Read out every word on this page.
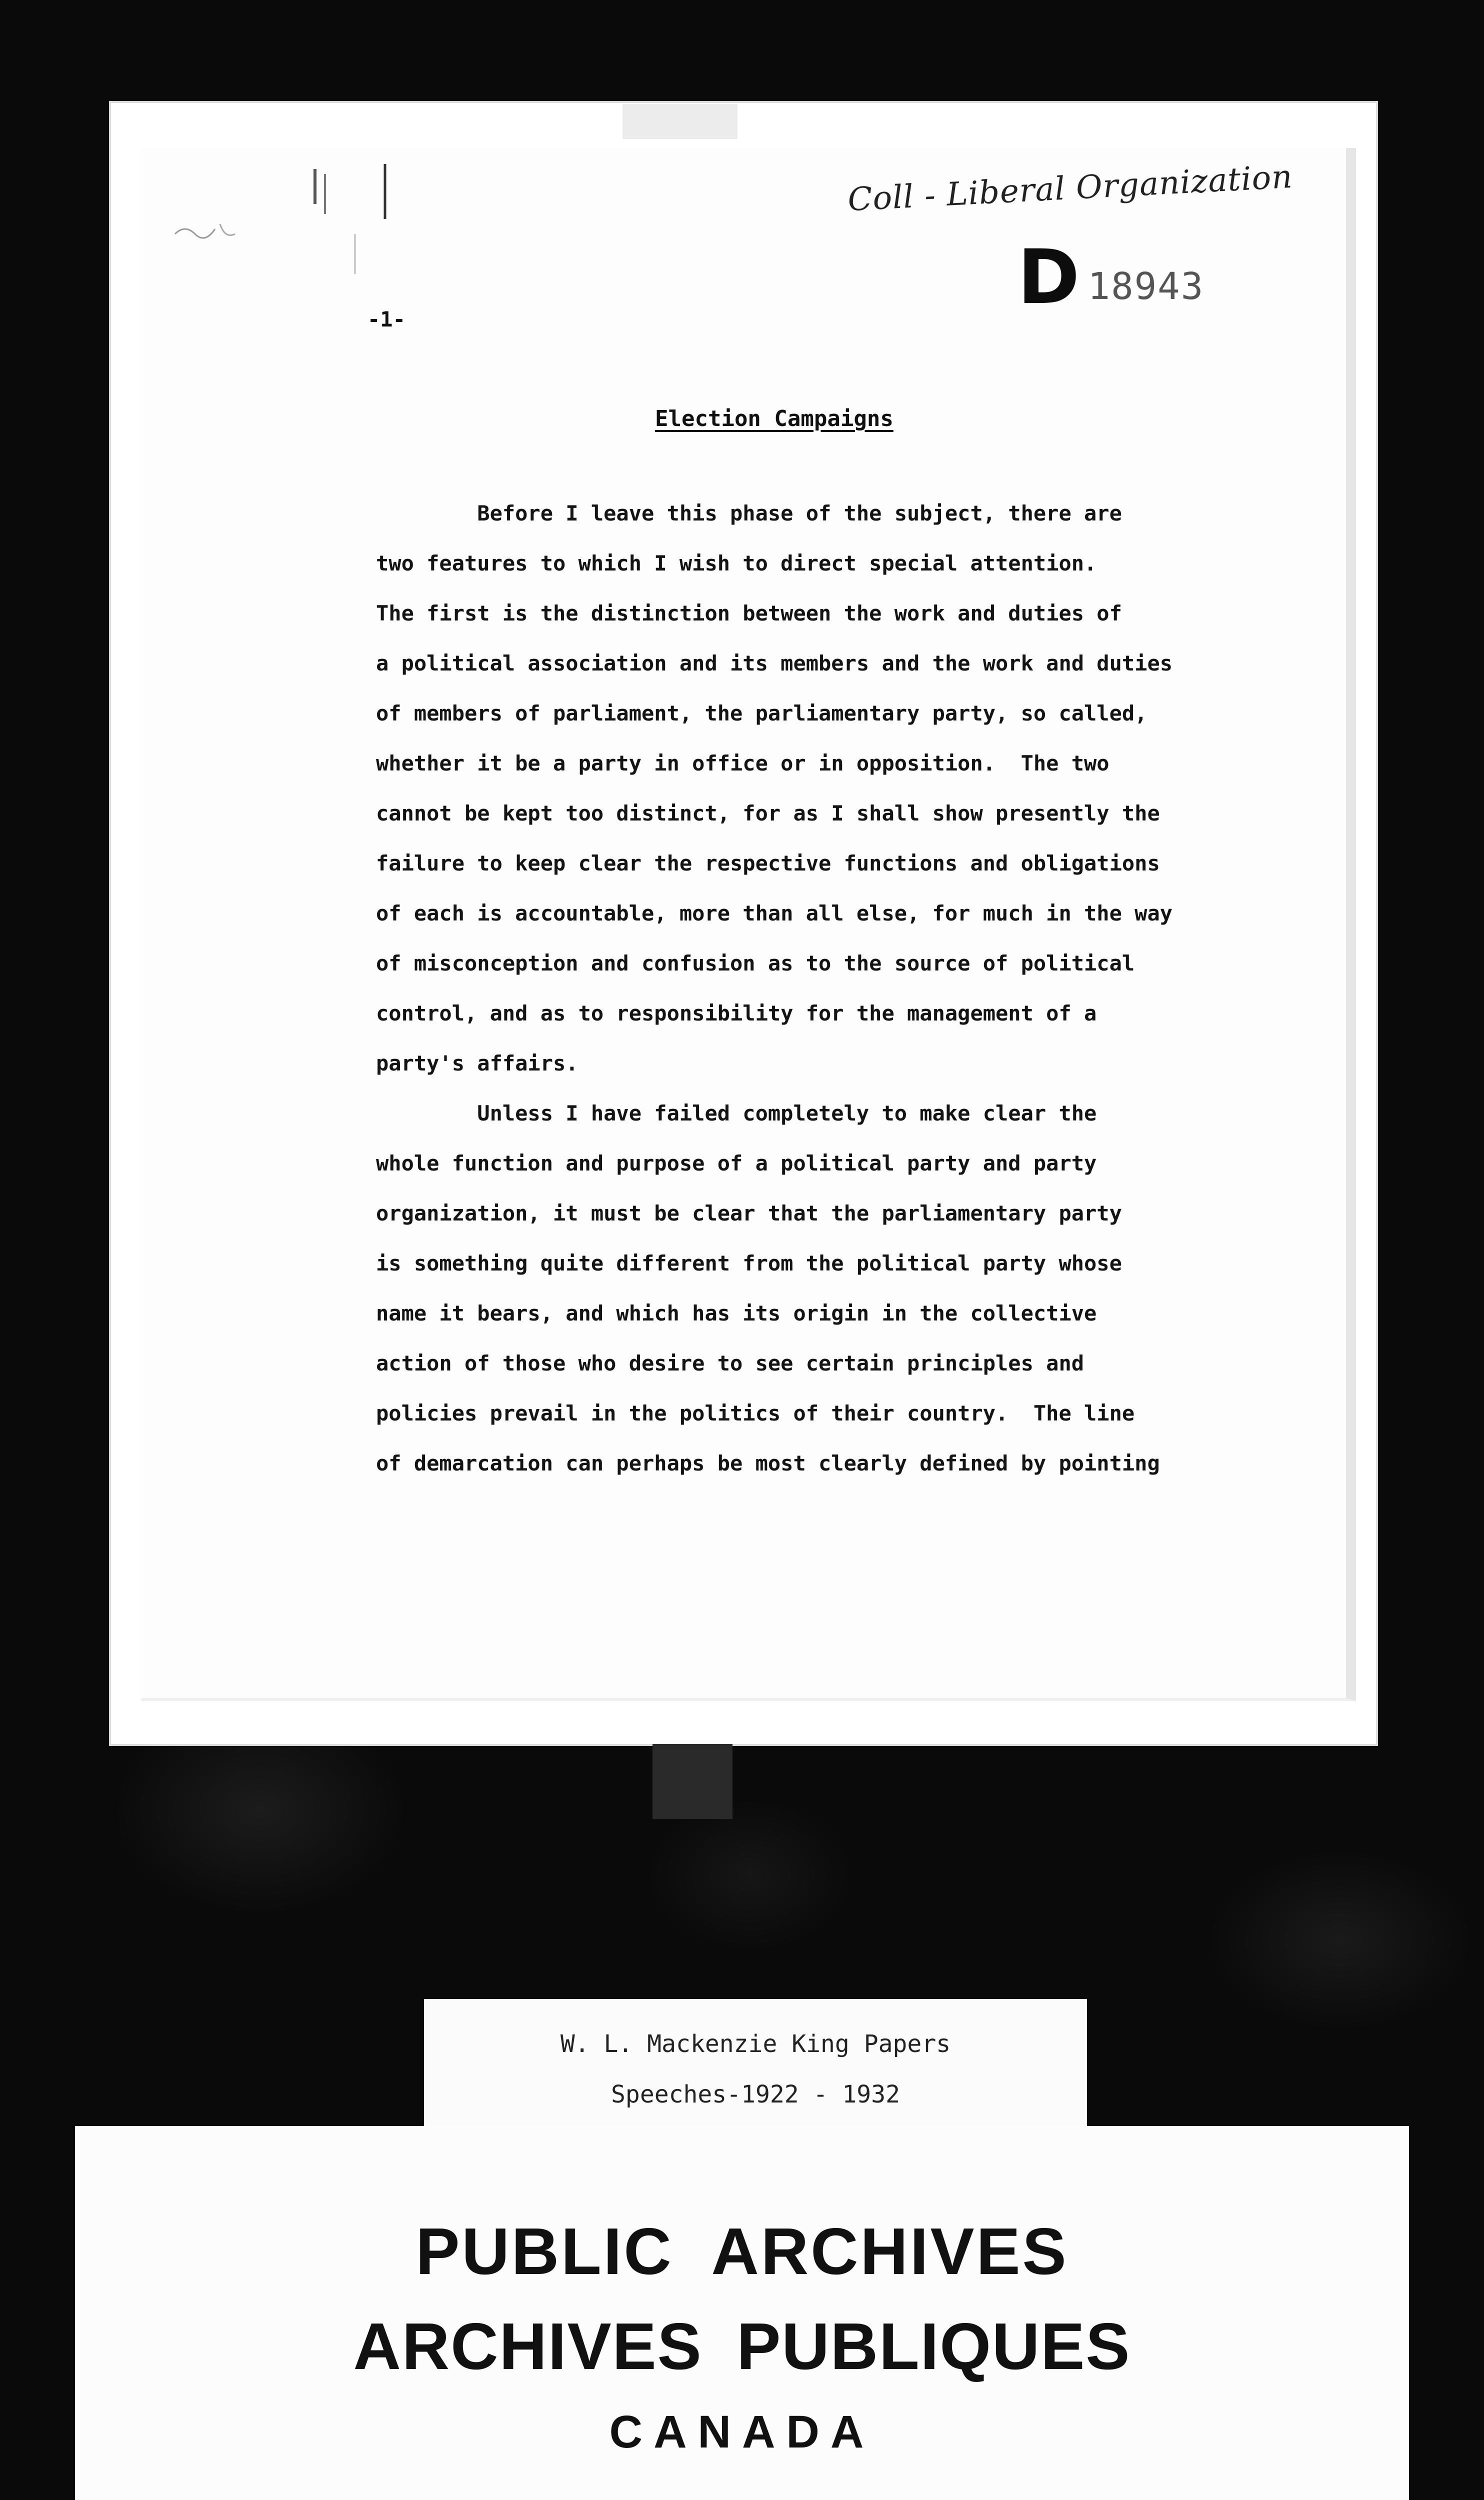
Coll - Liberal Organization
D 18943
-1-
Election Campaigns
Before I leave this phase of the subject, there are
two features to which I wish to direct special attention.
The first is the distinction between the work and duties of
a political association and its members and the work and duties
of members of parliament, the parliamentary party, so called,
whether it be a party in office or in opposition.  The two
cannot be kept too distinct, for as I shall show presently the
failure to keep clear the respective functions and obligations
of each is accountable, more than all else, for much in the way
of misconception and confusion as to the source of political
control, and as to responsibility for the management of a
party's affairs.
Unless I have failed completely to make clear the
whole function and purpose of a political party and party
organization, it must be clear that the parliamentary party
is something quite different from the political party whose
name it bears, and which has its origin in the collective
action of those who desire to see certain principles and
policies prevail in the politics of their country.  The line
of demarcation can perhaps be most clearly defined by pointing
W. L. Mackenzie King Papers
Speeches-1922 - 1932
PUBLIC ARCHIVES
ARCHIVES PUBLIQUES
CANADA
